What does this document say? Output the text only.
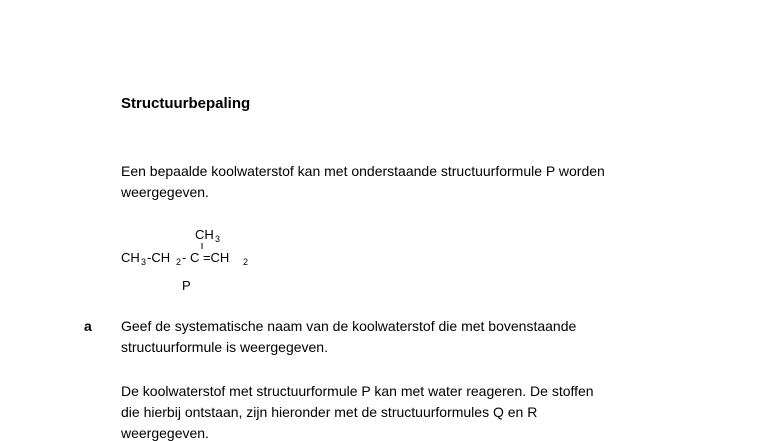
Structuurbepaling

Een bepaalde koolwaterstof kan met onderstaande structuurformule P worden
weergegeven.

CH 3
CH 3 -CH 2 - C =CH 2
P
a Geef de systematische naam van de koolwaterstof die met bovenstaande
structuurformule is weergegeven.

De koolwaterstof met structuurformule P kan met water reageren. De stoffen
die hierbij ontstaan, zijn hieronder met de structuurformules Q en R
weergegeven.
